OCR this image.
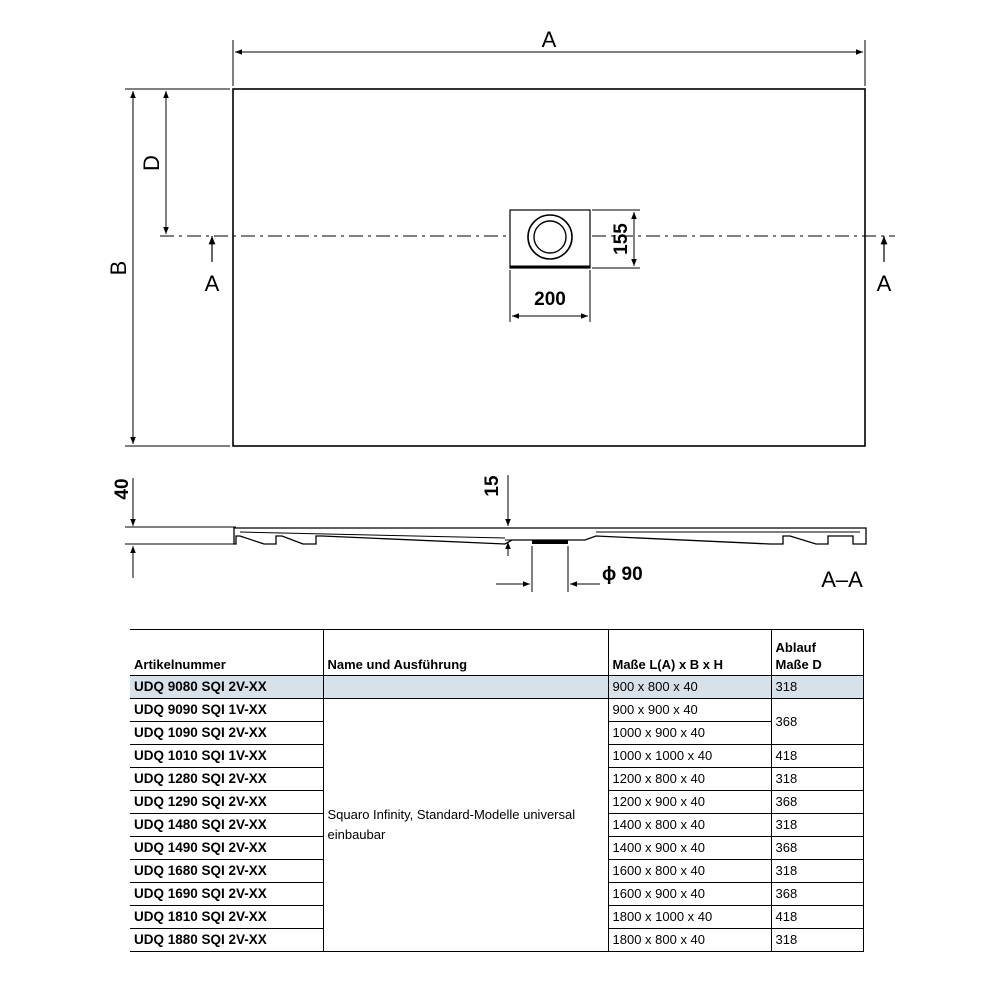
A
B
D
155
200
A	A
40	15
ϕ 90	A–A
Artikelnummer	Name und Ausführung	Maße L(A) x B x H	Ablauf
Maße D
UDQ 9080 SQI 2V-XX		900 x 800 x 40	318
UDQ 9090 SQI 1V-XX	Squaro Infinity, Standard-Modelle universal einbaubar	900 x 900 x 40	368
UDQ 1090 SQI 2V-XX		1000 x 900 x 40	
UDQ 1010 SQI 1V-XX		1000 x 1000 x 40	418
UDQ 1280 SQI 2V-XX		1200 x 800 x 40	318
UDQ 1290 SQI 2V-XX		1200 x 900 x 40	368
UDQ 1480 SQI 2V-XX		1400 x 800 x 40	318
UDQ 1490 SQI 2V-XX		1400 x 900 x 40	368
UDQ 1680 SQI 2V-XX		1600 x 800 x 40	318
UDQ 1690 SQI 2V-XX		1600 x 900 x 40	368
UDQ 1810 SQI 2V-XX		1800 x 1000 x 40	418
UDQ 1880 SQI 2V-XX		1800 x 800 x 40	318
